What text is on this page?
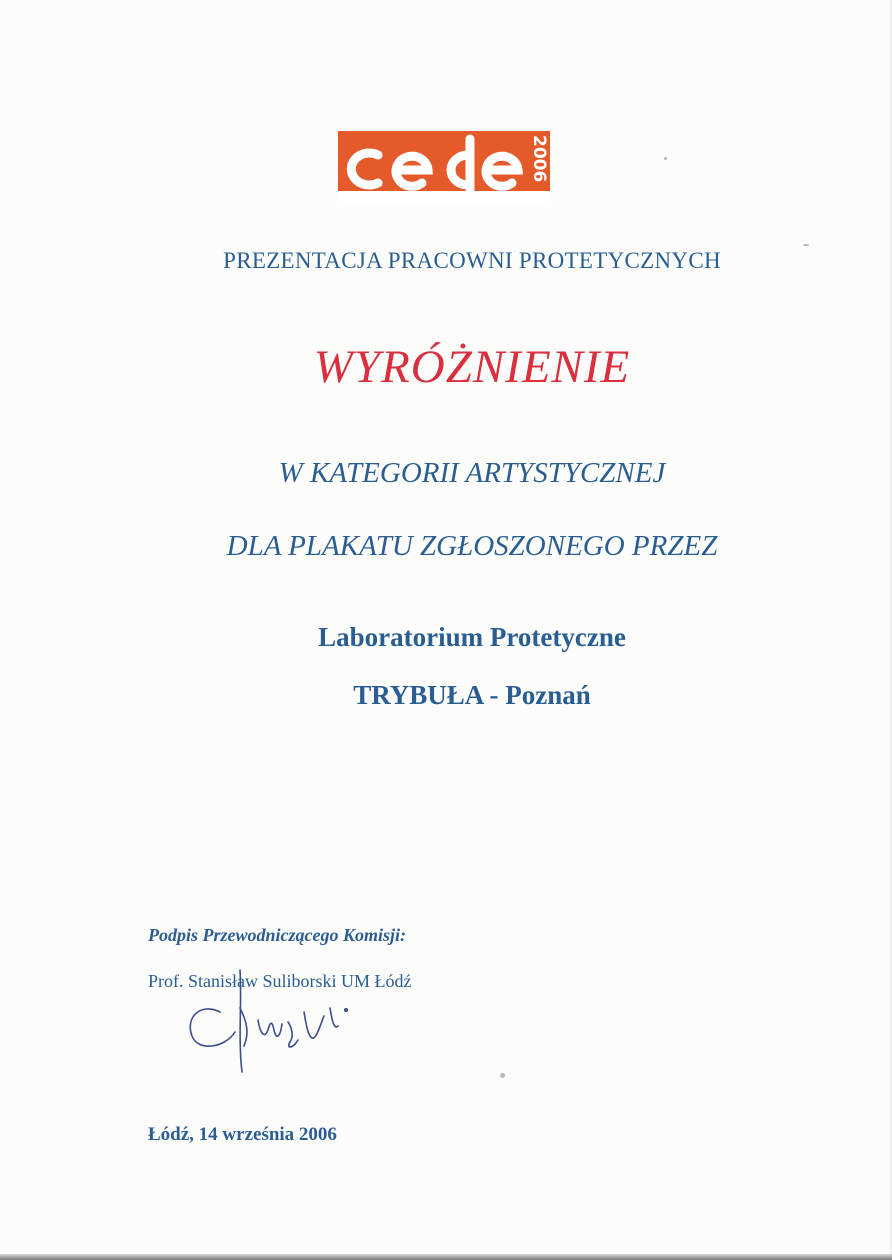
2006
PREZENTACJA PRACOWNI PROTETYCZNYCH
WYRÓŻNIENIE
W KATEGORII ARTYSTYCZNEJ
DLA PLAKATU ZGŁOSZONEGO PRZEZ
Laboratorium Protetyczne
TRYBUŁA - Poznań
Podpis Przewodniczącego Komisji:
Prof. Stanisław Suliborski UM Łódź
Łódź, 14 września 2006
